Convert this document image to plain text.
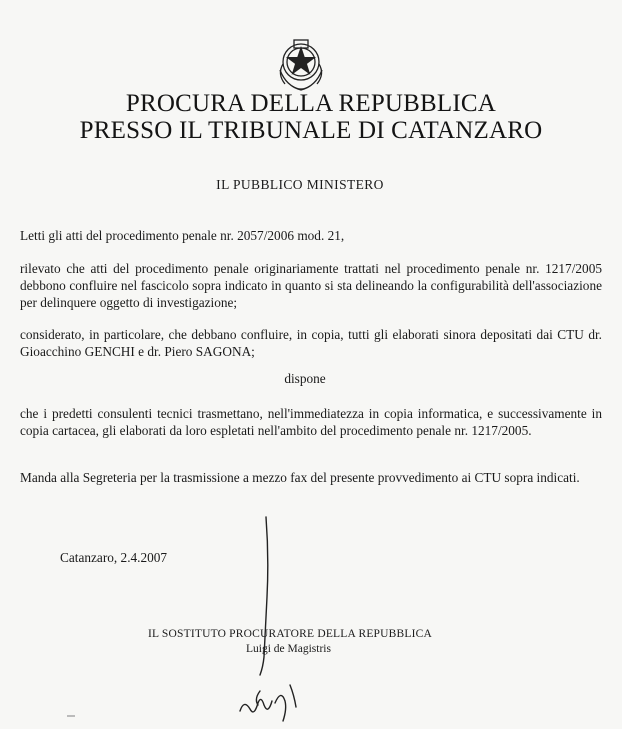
PROCURA DELLA REPUBBLICA
PRESSO IL TRIBUNALE DI CATANZARO
IL PUBBLICO MINISTERO
Letti gli atti del procedimento penale nr. 2057/2006 mod. 21,
rilevato che atti del procedimento penale originariamente trattati nel procedimento penale nr. 1217/2005 debbono confluire nel fascicolo sopra indicato in quanto si sta delineando la configurabilità dell'associazione per delinquere oggetto di investigazione;
considerato, in particolare, che debbano confluire, in copia, tutti gli elaborati sinora depositati dai CTU dr. Gioacchino GENCHI e dr. Piero SAGONA;
dispone
che i predetti consulenti tecnici trasmettano, nell'immediatezza in copia informatica, e successivamente in copia cartacea, gli elaborati da loro espletati nell'ambito del procedimento penale nr. 1217/2005.
Manda alla Segreteria per la trasmissione a mezzo fax del presente provvedimento ai CTU sopra indicati.
Catanzaro, 2.4.2007
IL SOSTITUTO PROCURATORE DELLA REPUBBLICA
Luigi de Magistris
